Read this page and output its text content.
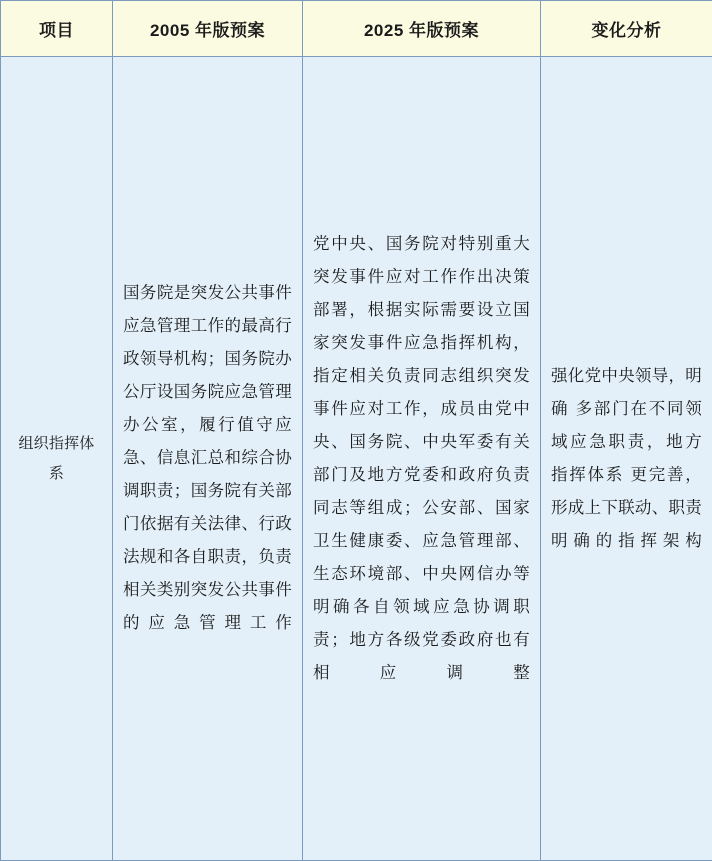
项目	2005 年版预案	2025 年版预案	变化分析

组织指挥体系	国务院是突发公共事件应急管理工作的最高行政领导机构；国务院办公厅设国务院应急管理办公室，履行值守应急、信息汇总和综合协调职责；国务院有关部门依据有关法律、行政法规和各自职责，负责相关类别突发公共事件的应急管理工作	党中央、国务院对特别重大突发事件应对工作作出决策部署，根据实际需要设立国家突发事件应急指挥机构，指定相关负责同志组织突发事件应对工作，成员由党中央、国务院、中央军委有关部门及地方党委和政府负责同志等组成；公安部、国家卫生健康委、应急管理部、生态环境部、中央网信办等明确各自领域应急协调职责；地方各级党委政府也有相应调整	强化党中央领导，明确 多部门在不同领域应急职责，地方 指挥体系 更完善，形成上下联动、职责明确的指挥架构
